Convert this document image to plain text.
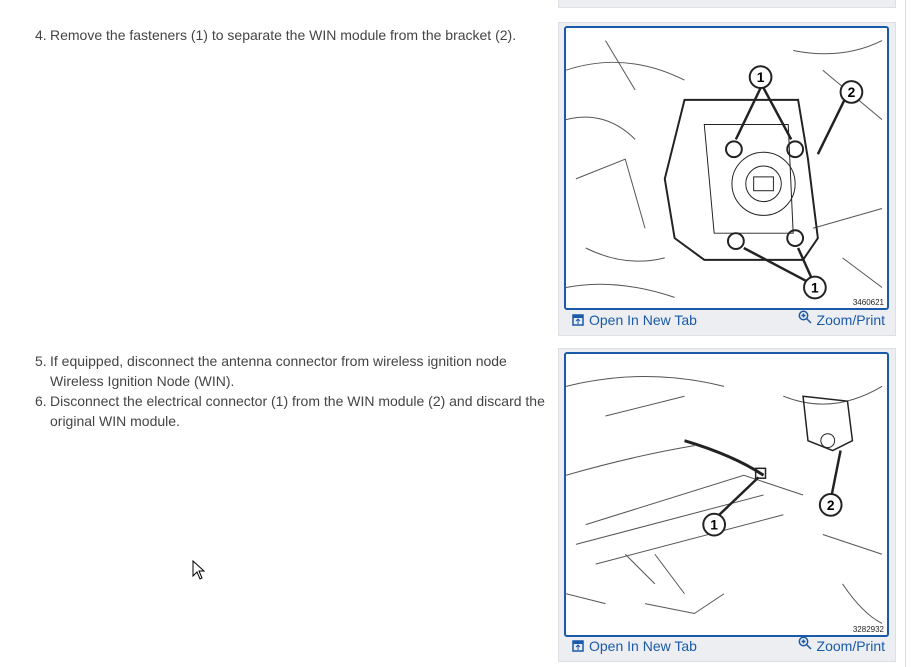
4. Remove the fasteners (1) to separate the WIN module from the bracket (2).
1
2
1
3460621
Open In New Tab	Zoom/Print
5. If equipped, disconnect the antenna connector from wireless ignition node Wireless Ignition Node (WIN).
6. Disconnect the electrical connector (1) from the WIN module (2) and discard the original WIN module.
1
2
3282932
Open In New Tab	Zoom/Print
